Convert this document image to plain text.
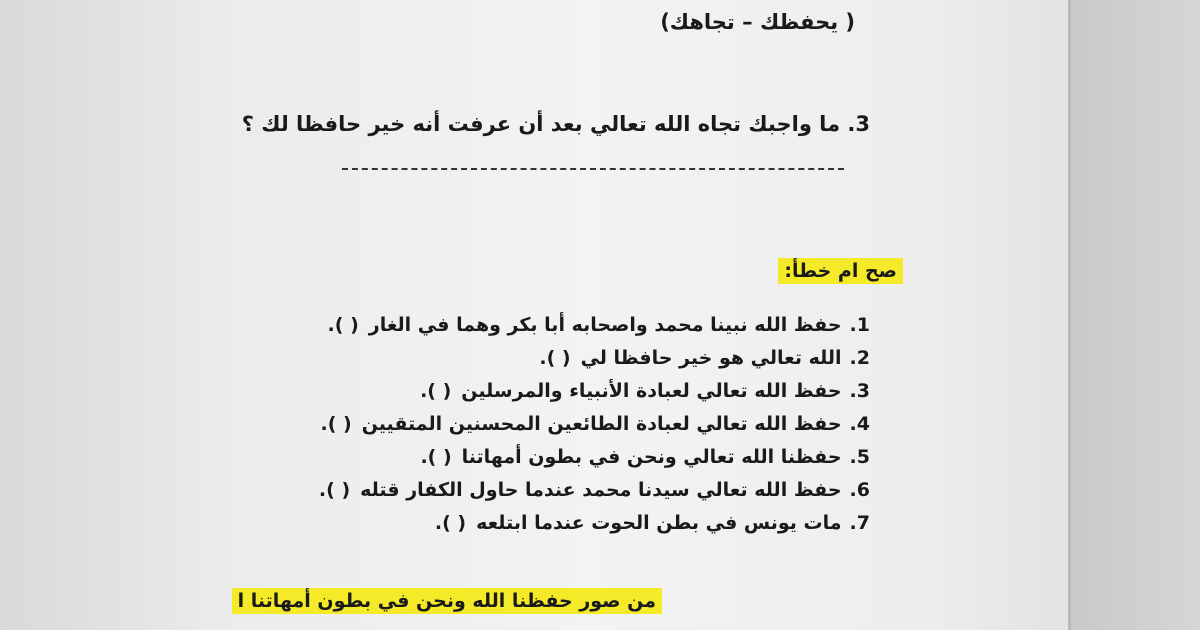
( يحفظك – تجاهك)
3. ما واجبك تجاه الله تعالي بعد أن عرفت أنه خير حافظا لك ؟
صح ام خطأ:
1.
حفظ الله نبينا محمد واصحابه أبا بكر وهما في الغار
( ).
2.
الله تعالي هو خير حافظا لي
( ).
3.
حفظ الله تعالي لعبادة الأنبياء والمرسلين
( ).
4.
حفظ الله تعالي لعبادة الطائعين المحسنين المتقيين
( ).
5.
حفظنا الله تعالي ونحن في بطون أمهاتنا
( ).
6.
حفظ الله تعالي سيدنا محمد عندما حاول الكفار قتله
( ).
7.
مات يونس في بطن الحوت عندما ابتلعه
( ).
من صور حفظنا الله ونحن في بطون أمهاتنا ا
